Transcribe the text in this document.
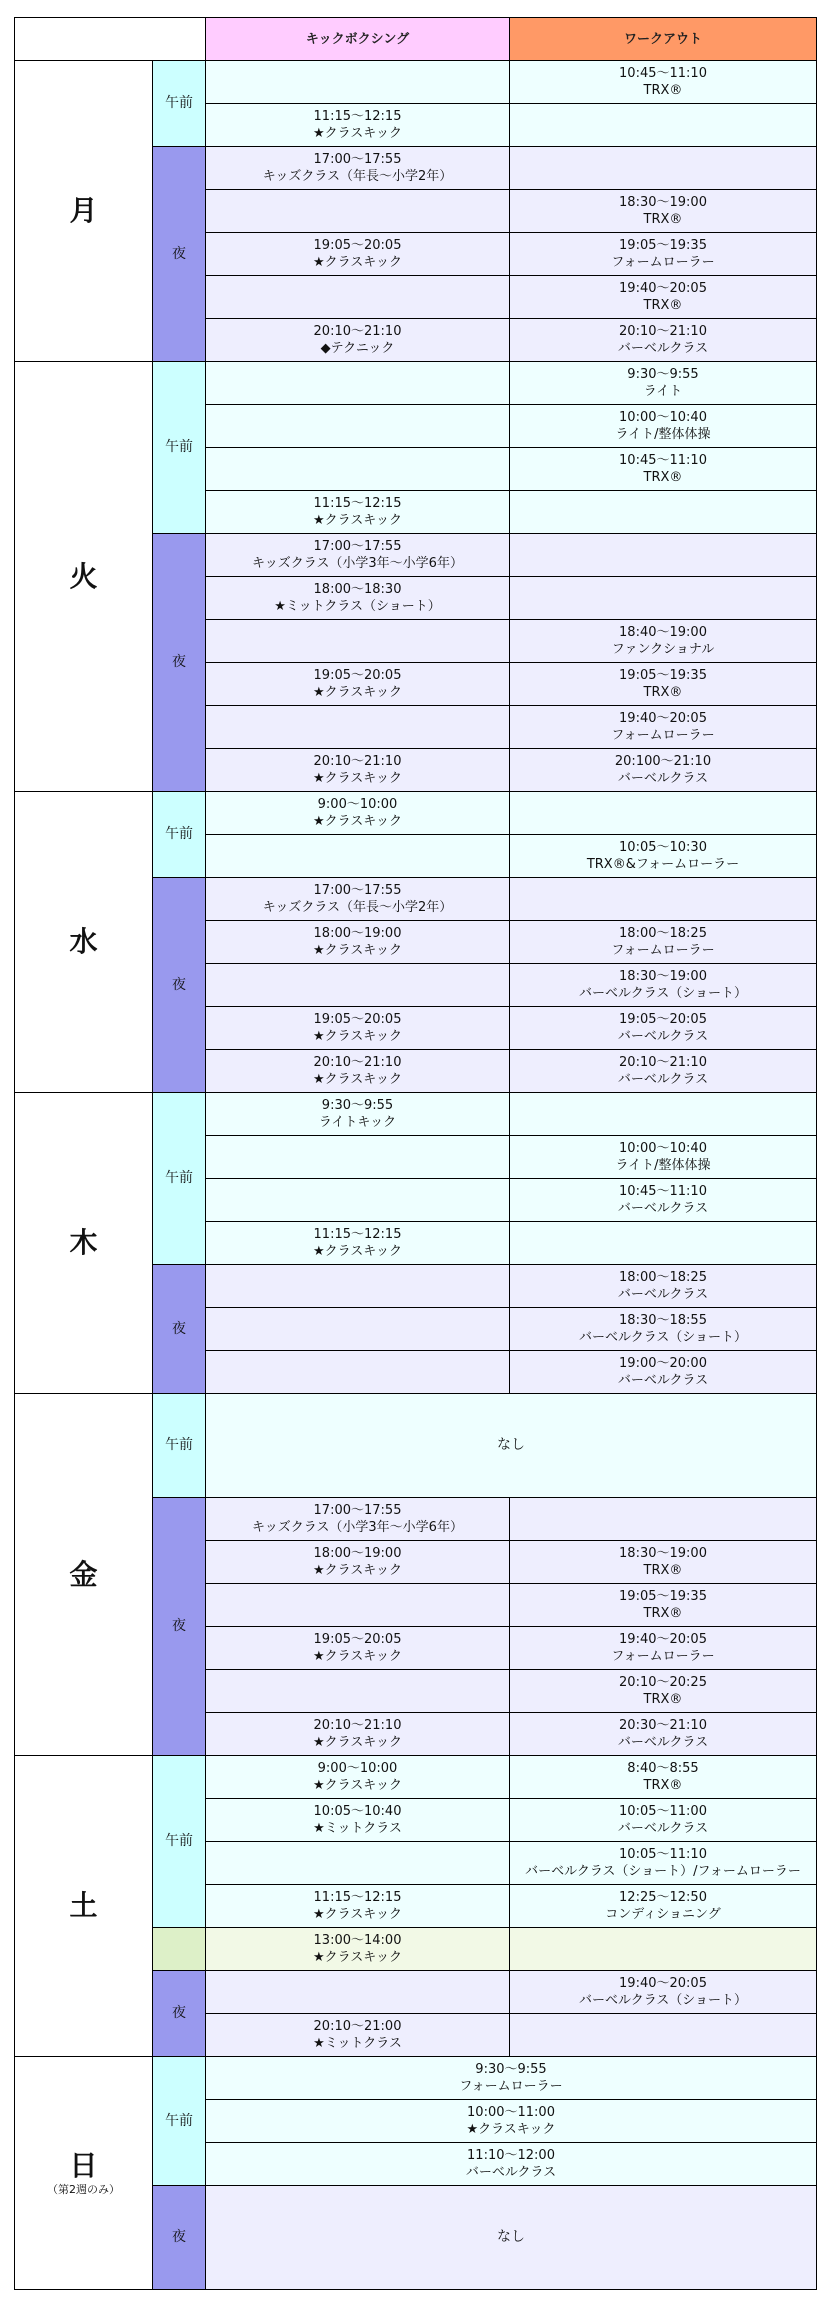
キックボクシング	ワークアウト
10:45〜11:10
TRX®
11:15〜12:15
★クラスキック
午前
17:00〜17:55
キッズクラス（年長〜小学2年）
18:30〜19:00
TRX®
19:05〜20:05
★クラスキック
19:05〜19:35
フォームローラー
19:40〜20:05
TRX®
20:10〜21:10
◆テクニック
20:10〜21:10
バーベルクラス
夜
月
9:30〜9:55
ライト
10:00〜10:40
ライト/整体体操
10:45〜11:10
TRX®
11:15〜12:15
★クラスキック
午前
17:00〜17:55
キッズクラス（小学3年〜小学6年）
18:00〜18:30
★ミットクラス（ショート）
18:40〜19:00
ファンクショナル
19:05〜20:05
★クラスキック
19:05〜19:35
TRX®
19:40〜20:05
フォームローラー
20:10〜21:10
★クラスキック
20:100〜21:10
バーベルクラス
夜
火
9:00〜10:00
★クラスキック
10:05〜10:30
TRX®&フォームローラー
午前
17:00〜17:55
キッズクラス（年長〜小学2年）
18:00〜19:00
★クラスキック
18:00〜18:25
フォームローラー
18:30〜19:00
バーベルクラス（ショート）
19:05〜20:05
★クラスキック
19:05〜20:05
バーベルクラス
20:10〜21:10
★クラスキック
20:10〜21:10
バーベルクラス
夜
水
9:30〜9:55
ライトキック
10:00〜10:40
ライト/整体体操
10:45〜11:10
バーベルクラス
11:15〜12:15
★クラスキック
午前
18:00〜18:25
バーベルクラス
18:30〜18:55
バーベルクラス（ショート）
19:00〜20:00
バーベルクラス
夜
木
なし
午前
17:00〜17:55
キッズクラス（小学3年〜小学6年）
18:00〜19:00
★クラスキック
18:30〜19:00
TRX®
19:05〜19:35
TRX®
19:05〜20:05
★クラスキック
19:40〜20:05
フォームローラー
20:10〜20:25
TRX®
20:10〜21:10
★クラスキック
20:30〜21:10
バーベルクラス
夜
金
9:00〜10:00
★クラスキック
8:40〜8:55
TRX®
10:05〜10:40
★ミットクラス
10:05〜11:00
バーベルクラス
10:05〜11:10
バーベルクラス（ショート）/フォームローラー
11:15〜12:15
★クラスキック
12:25〜12:50
コンディショニング
午前
13:00〜14:00
★クラスキック
19:40〜20:05
バーベルクラス（ショート）
20:10〜21:00
★ミットクラス
夜
土
9:30〜9:55
フォームローラー
10:00〜11:00
★クラスキック
11:10〜12:00
バーベルクラス
午前
なし
夜
日
（第2週のみ）
